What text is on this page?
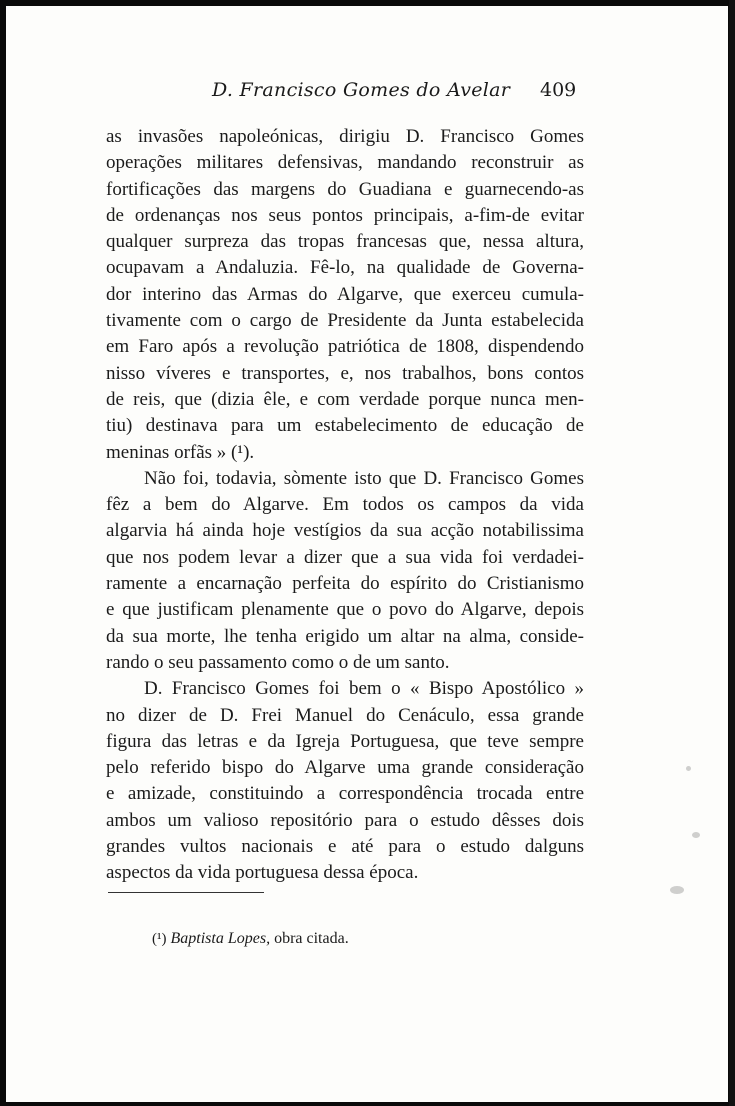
D. Francisco Gomes do Avelar 409
as invasões napoleónicas, dirigiu D. Francisco Gomes
operações militares defensivas, mandando reconstruir as
fortificações das margens do Guadiana e guarnecendo-as
de ordenanças nos seus pontos principais, a-fim-de evitar
qualquer surpreza das tropas francesas que, nessa altura,
ocupavam a Andaluzia. Fê-lo, na qualidade de Governa-
dor interino das Armas do Algarve, que exerceu cumula-
tivamente com o cargo de Presidente da Junta estabelecida
em Faro após a revolução patriótica de 1808, dispendendo
nisso víveres e transportes, e, nos trabalhos, bons contos
de reis, que (dizia êle, e com verdade porque nunca men-
tiu) destinava para um estabelecimento de educação de
meninas orfãs » (¹).
Não foi, todavia, sòmente isto que D. Francisco Gomes
fêz a bem do Algarve. Em todos os campos da vida
algarvia há ainda hoje vestígios da sua acção notabilissima
que nos podem levar a dizer que a sua vida foi verdadei-
ramente a encarnação perfeita do espírito do Cristianismo
e que justificam plenamente que o povo do Algarve, depois
da sua morte, lhe tenha erigido um altar na alma, conside-
rando o seu passamento como o de um santo.
D. Francisco Gomes foi bem o « Bispo Apostólico »
no dizer de D. Frei Manuel do Cenáculo, essa grande
figura das letras e da Igreja Portuguesa, que teve sempre
pelo referido bispo do Algarve uma grande consideração
e amizade, constituindo a correspondência trocada entre
ambos um valioso repositório para o estudo dêsses dois
grandes vultos nacionais e até para o estudo dalguns
aspectos da vida portuguesa dessa época.
(¹) Baptista Lopes, obra citada.
